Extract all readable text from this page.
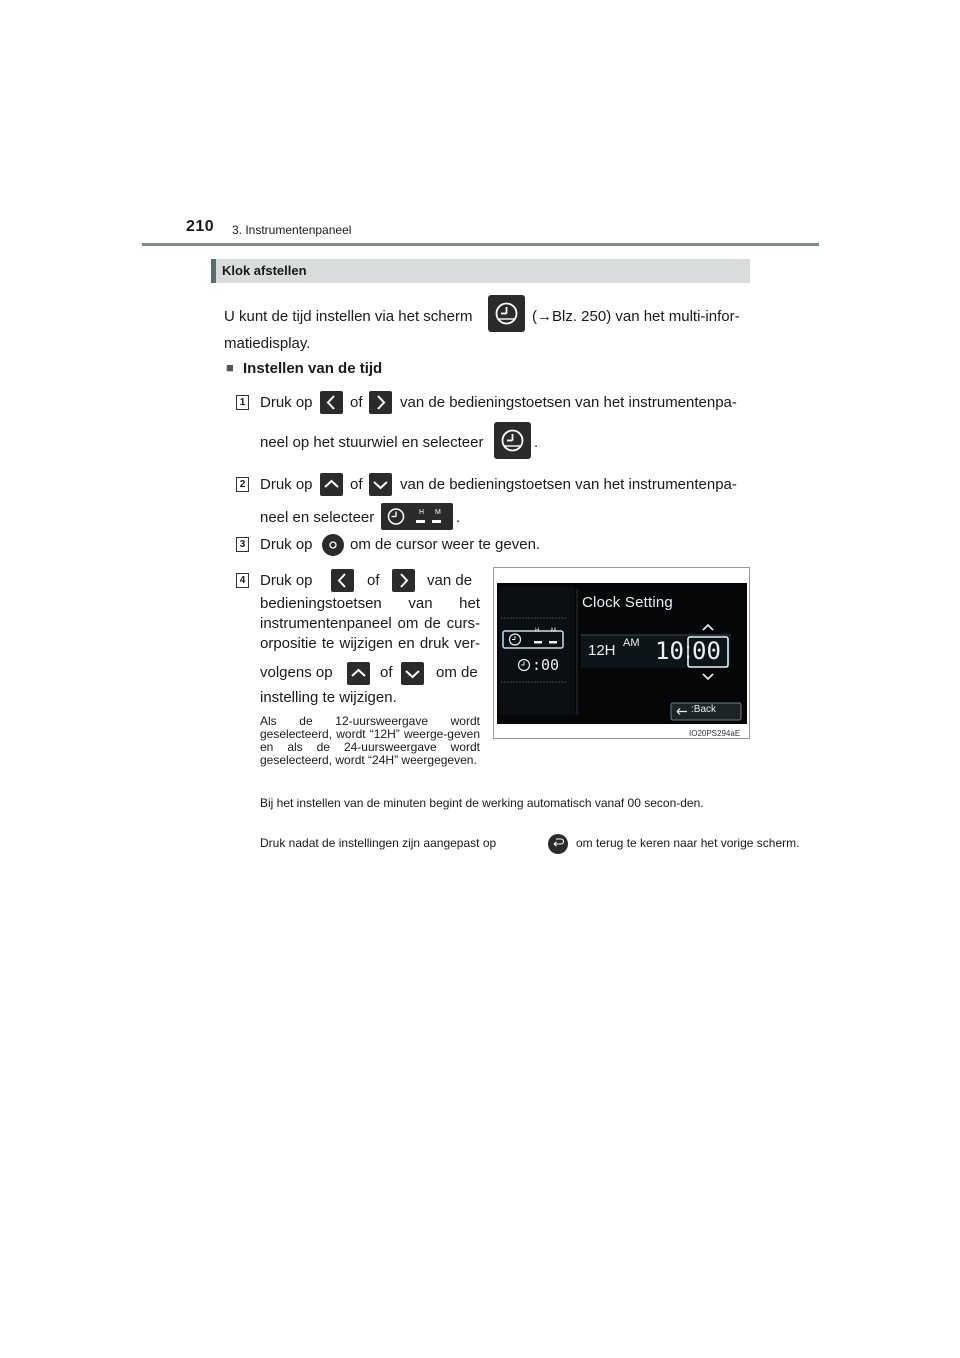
210 3. Instrumentenpaneel
Klok afstellen
U kunt de tijd instellen via het scherm	(→Blz. 250) van het multi-infor-
matiedisplay.
■ Instellen van de tijd
1 Druk op of van de bedieningstoetsen van het instrumentenpa-
neel op het stuurwiel en selecteer	.
2 Druk op of van de bedieningstoetsen van het instrumentenpa-
neel en selecteer	H M .
3 Druk op om de cursor weer te geven.
4 Druk op	of	van de
bedieningstoetsen van het
instrumentenpaneel om de curs-
orpositie te wijzigen en druk ver-
volgens op	of	om de
instelling te wijzigen.
Als de 12-uursweergave wordt geselecteerd, wordt “12H” weerge-geven en als de 24-uursweergave wordt geselecteerd, wordt “24H” weergegeven.
H M
:00
12H AM 10 : 00
:Back
Clock Setting
IO20PS294aE
Bij het instellen van de minuten begint de werking automatisch vanaf 00 secon-den.
Druk nadat de instellingen zijn aangepast op	om terug te keren naar het vorige scherm.
